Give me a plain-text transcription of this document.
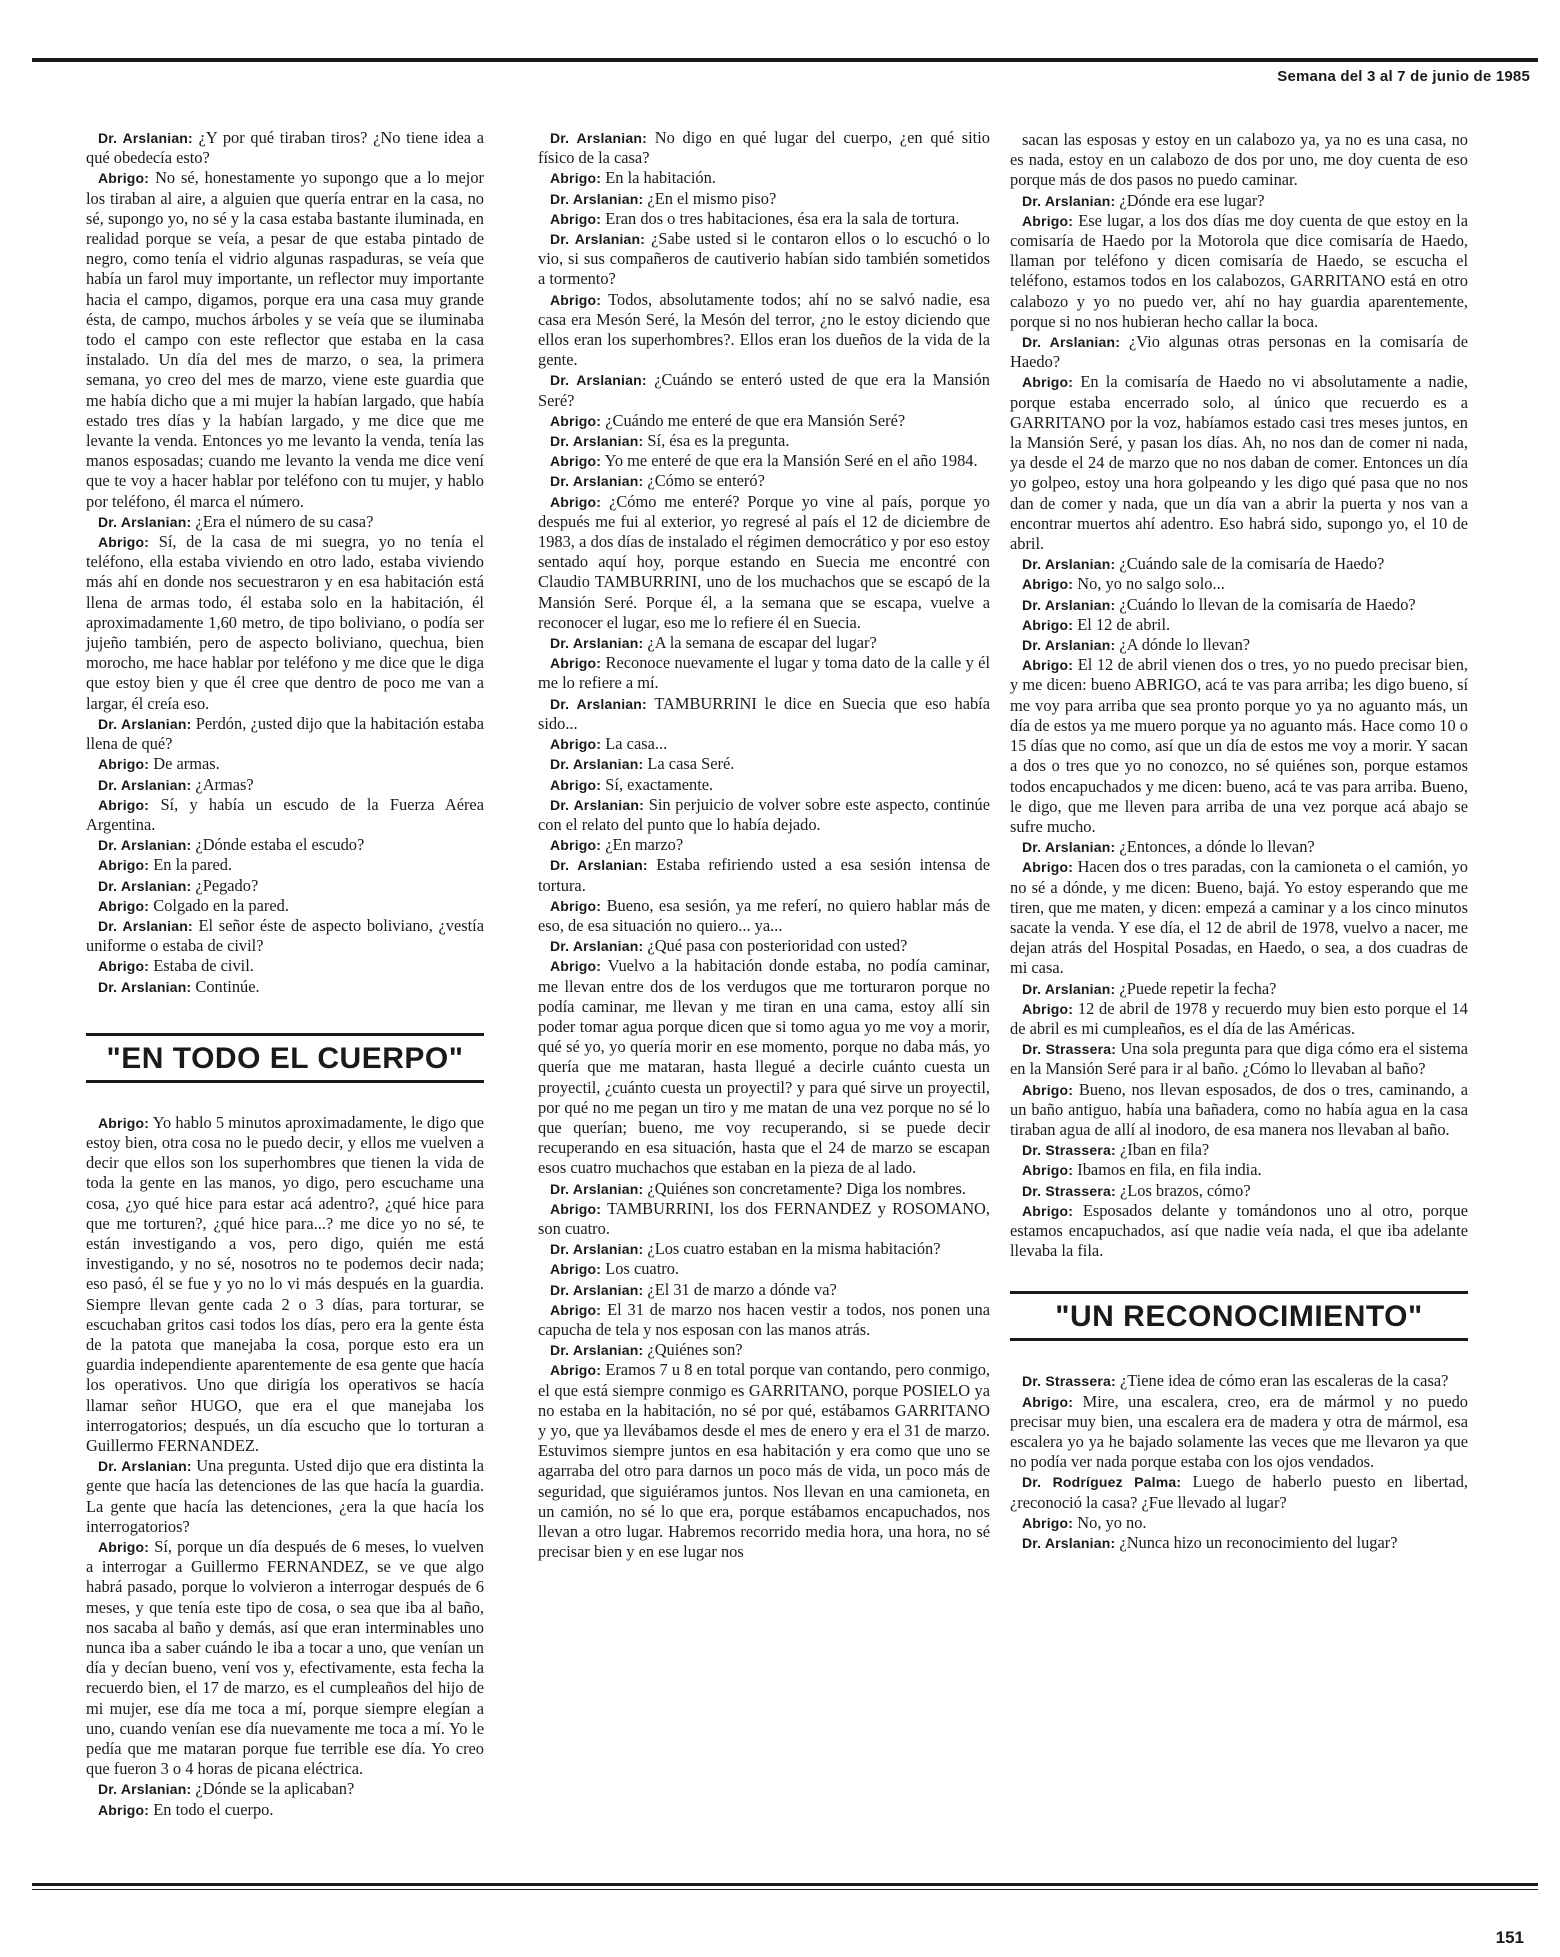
Semana del 3 al 7 de junio de 1985

Dr. Arslanian: ¿Y por qué tiraban tiros? ¿No tiene idea a qué obedecía esto?

Abrigo: No sé, honestamente yo supongo que a lo mejor los tiraban al aire, a alguien que quería entrar en la casa, no sé, supongo yo, no sé y la casa estaba bastante iluminada, en realidad porque se veía, a pesar de que estaba pintado de negro, como tenía el vidrio algunas raspaduras, se veía que había un farol muy importante, un reflector muy importante hacia el campo, digamos, porque era una casa muy grande ésta, de campo, muchos árboles y se veía que se iluminaba todo el campo con este reflector que estaba en la casa instalado. Un día del mes de marzo, o sea, la primera semana, yo creo del mes de marzo, viene este guardia que me había dicho que a mi mujer la habían largado, que había estado tres días y la habían largado, y me dice que me levante la venda. Entonces yo me levanto la venda, tenía las manos esposadas; cuando me levanto la venda me dice vení que te voy a hacer hablar por teléfono con tu mujer, y hablo por teléfono, él marca el número.

Dr. Arslanian: ¿Era el número de su casa?

Abrigo: Sí, de la casa de mi suegra, yo no tenía el teléfono, ella estaba viviendo en otro lado, estaba viviendo más ahí en donde nos secuestraron y en esa habitación está llena de armas todo, él estaba solo en la habitación, él aproximadamente 1,60 metro, de tipo boliviano, o podía ser jujeño también, pero de aspecto boliviano, quechua, bien morocho, me hace hablar por teléfono y me dice que le diga que estoy bien y que él cree que dentro de poco me van a largar, él creía eso.

Dr. Arslanian: Perdón, ¿usted dijo que la habitación estaba llena de qué?

Abrigo: De armas.

Dr. Arslanian: ¿Armas?

Abrigo: Sí, y había un escudo de la Fuerza Aérea Argentina.

Dr. Arslanian: ¿Dónde estaba el escudo?

Abrigo: En la pared.

Dr. Arslanian: ¿Pegado?

Abrigo: Colgado en la pared.

Dr. Arslanian: El señor éste de aspecto boliviano, ¿vestía uniforme o estaba de civil?

Abrigo: Estaba de civil.

Dr. Arslanian: Continúe.

"EN TODO EL CUERPO"

Abrigo: Yo hablo 5 minutos aproximadamente, le digo que estoy bien, otra cosa no le puedo decir, y ellos me vuelven a decir que ellos son los superhombres que tienen la vida de toda la gente en las manos, yo digo, pero escuchame una cosa, ¿yo qué hice para estar acá adentro?, ¿qué hice para que me torturen?, ¿qué hice para...? me dice yo no sé, te están investigando a vos, pero digo, quién me está investigando, y no sé, nosotros no te podemos decir nada; eso pasó, él se fue y yo no lo vi más después en la guardia. Siempre llevan gente cada 2 o 3 días, para torturar, se escuchaban gritos casi todos los días, pero era la gente ésta de la patota que manejaba la cosa, porque esto era un guardia independiente aparentemente de esa gente que hacía los operativos. Uno que dirigía los operativos se hacía llamar señor HUGO, que era el que manejaba los interrogatorios; después, un día escucho que lo torturan a Guillermo FERNANDEZ.

Dr. Arslanian: Una pregunta. Usted dijo que era distinta la gente que hacía las detenciones de las que hacía la guardia. La gente que hacía las detenciones, ¿era la que hacía los interrogatorios?

Abrigo: Sí, porque un día después de 6 meses, lo vuelven a interrogar a Guillermo FERNANDEZ, se ve que algo habrá pasado, porque lo volvieron a interrogar después de 6 meses, y que tenía este tipo de cosa, o sea que iba al baño, nos sacaba al baño y demás, así que eran interminables uno nunca iba a saber cuándo le iba a tocar a uno, que venían un día y decían bueno, vení vos y, efectivamente, esta fecha la recuerdo bien, el 17 de marzo, es el cumpleaños del hijo de mi mujer, ese día me toca a mí, porque siempre elegían a uno, cuando venían ese día nuevamente me toca a mí. Yo le pedía que me mataran porque fue terrible ese día. Yo creo que fueron 3 o 4 horas de picana eléctrica.

Dr. Arslanian: ¿Dónde se la aplicaban?

Abrigo: En todo el cuerpo.

Dr. Arslanian: No digo en qué lugar del cuerpo, ¿en qué sitio físico de la casa?

Abrigo: En la habitación.

Dr. Arslanian: ¿En el mismo piso?

Abrigo: Eran dos o tres habitaciones, ésa era la sala de tortura.

Dr. Arslanian: ¿Sabe usted si le contaron ellos o lo escuchó o lo vio, si sus compañeros de cautiverio habían sido también sometidos a tormento?

Abrigo: Todos, absolutamente todos; ahí no se salvó nadie, esa casa era Mesón Seré, la Mesón del terror, ¿no le estoy diciendo que ellos eran los superhombres?. Ellos eran los dueños de la vida de la gente.

Dr. Arslanian: ¿Cuándo se enteró usted de que era la Mansión Seré?

Abrigo: ¿Cuándo me enteré de que era Mansión Seré?

Dr. Arslanian: Sí, ésa es la pregunta.

Abrigo: Yo me enteré de que era la Mansión Seré en el año 1984.

Dr. Arslanian: ¿Cómo se enteró?

Abrigo: ¿Cómo me enteré? Porque yo vine al país, porque yo después me fui al exterior, yo regresé al país el 12 de diciembre de 1983, a dos días de instalado el régimen democrático y por eso estoy sentado aquí hoy, porque estando en Suecia me encontré con Claudio TAMBURRINI, uno de los muchachos que se escapó de la Mansión Seré. Porque él, a la semana que se escapa, vuelve a reconocer el lugar, eso me lo refiere él en Suecia.

Dr. Arslanian: ¿A la semana de escapar del lugar?

Abrigo: Reconoce nuevamente el lugar y toma dato de la calle y él me lo refiere a mí.

Dr. Arslanian: TAMBURRINI le dice en Suecia que eso había sido...

Abrigo: La casa...

Dr. Arslanian: La casa Seré.

Abrigo: Sí, exactamente.

Dr. Arslanian: Sin perjuicio de volver sobre este aspecto, continúe con el relato del punto que lo había dejado.

Abrigo: ¿En marzo?

Dr. Arslanian: Estaba refiriendo usted a esa sesión intensa de tortura.

Abrigo: Bueno, esa sesión, ya me referí, no quiero hablar más de eso, de esa situación no quiero... ya...

Dr. Arslanian: ¿Qué pasa con posterioridad con usted?

Abrigo: Vuelvo a la habitación donde estaba, no podía caminar, me llevan entre dos de los verdugos que me torturaron porque no podía caminar, me llevan y me tiran en una cama, estoy allí sin poder tomar agua porque dicen que si tomo agua yo me voy a morir, qué sé yo, yo quería morir en ese momento, porque no daba más, yo quería que me mataran, hasta llegué a decirle cuánto cuesta un proyectil, ¿cuánto cuesta un proyectil? y para qué sirve un proyectil, por qué no me pegan un tiro y me matan de una vez porque no sé lo que querían; bueno, me voy recuperando, si se puede decir recuperando en esa situación, hasta que el 24 de marzo se escapan esos cuatro muchachos que estaban en la pieza de al lado.

Dr. Arslanian: ¿Quiénes son concretamente? Diga los nombres.

Abrigo: TAMBURRINI, los dos FERNANDEZ y ROSOMANO, son cuatro.

Dr. Arslanian: ¿Los cuatro estaban en la misma habitación?

Abrigo: Los cuatro.

Dr. Arslanian: ¿El 31 de marzo a dónde va?

Abrigo: El 31 de marzo nos hacen vestir a todos, nos ponen una capucha de tela y nos esposan con las manos atrás.

Dr. Arslanian: ¿Quiénes son?

Abrigo: Eramos 7 u 8 en total porque van contando, pero conmigo, el que está siempre conmigo es GARRITANO, porque POSIELO ya no estaba en la habitación, no sé por qué, estábamos GARRITANO y yo, que ya llevábamos desde el mes de enero y era el 31 de marzo. Estuvimos siempre juntos en esa habitación y era como que uno se agarraba del otro para darnos un poco más de vida, un poco más de seguridad, que siguiéramos juntos. Nos llevan en una camioneta, en un camión, no sé lo que era, porque estábamos encapuchados, nos llevan a otro lugar. Habremos recorrido media hora, una hora, no sé precisar bien y en ese lugar nos

sacan las esposas y estoy en un calabozo ya, ya no es una casa, no es nada, estoy en un calabozo de dos por uno, me doy cuenta de eso porque más de dos pasos no puedo caminar.

Dr. Arslanian: ¿Dónde era ese lugar?

Abrigo: Ese lugar, a los dos días me doy cuenta de que estoy en la comisaría de Haedo por la Motorola que dice comisaría de Haedo, llaman por teléfono y dicen comisaría de Haedo, se escucha el teléfono, estamos todos en los calabozos, GARRITANO está en otro calabozo y yo no puedo ver, ahí no hay guardia aparentemente, porque si no nos hubieran hecho callar la boca.

Dr. Arslanian: ¿Vio algunas otras personas en la comisaría de Haedo?

Abrigo: En la comisaría de Haedo no vi absolutamente a nadie, porque estaba encerrado solo, al único que recuerdo es a GARRITANO por la voz, habíamos estado casi tres meses juntos, en la Mansión Seré, y pasan los días. Ah, no nos dan de comer ni nada, ya desde el 24 de marzo que no nos daban de comer. Entonces un día yo golpeo, estoy una hora golpeando y les digo qué pasa que no nos dan de comer y nada, que un día van a abrir la puerta y nos van a encontrar muertos ahí adentro. Eso habrá sido, supongo yo, el 10 de abril.

Dr. Arslanian: ¿Cuándo sale de la comisaría de Haedo?

Abrigo: No, yo no salgo solo...

Dr. Arslanian: ¿Cuándo lo llevan de la comisaría de Haedo?

Abrigo: El 12 de abril.

Dr. Arslanian: ¿A dónde lo llevan?

Abrigo: El 12 de abril vienen dos o tres, yo no puedo precisar bien, y me dicen: bueno ABRIGO, acá te vas para arriba; les digo bueno, sí me voy para arriba que sea pronto porque yo ya no aguanto más, un día de estos ya me muero porque ya no aguanto más. Hace como 10 o 15 días que no como, así que un día de estos me voy a morir. Y sacan a dos o tres que yo no conozco, no sé quiénes son, porque estamos todos encapuchados y me dicen: bueno, acá te vas para arriba. Bueno, le digo, que me lleven para arriba de una vez porque acá abajo se sufre mucho.

Dr. Arslanian: ¿Entonces, a dónde lo llevan?

Abrigo: Hacen dos o tres paradas, con la camioneta o el camión, yo no sé a dónde, y me dicen: Bueno, bajá. Yo estoy esperando que me tiren, que me maten, y dicen: empezá a caminar y a los cinco minutos sacate la venda. Y ese día, el 12 de abril de 1978, vuelvo a nacer, me dejan atrás del Hospital Posadas, en Haedo, o sea, a dos cuadras de mi casa.

Dr. Arslanian: ¿Puede repetir la fecha?

Abrigo: 12 de abril de 1978 y recuerdo muy bien esto porque el 14 de abril es mi cumpleaños, es el día de las Américas.

Dr. Strassera: Una sola pregunta para que diga cómo era el sistema en la Mansión Seré para ir al baño. ¿Cómo lo llevaban al baño?

Abrigo: Bueno, nos llevan esposados, de dos o tres, caminando, a un baño antiguo, había una bañadera, como no había agua en la casa tiraban agua de allí al inodoro, de esa manera nos llevaban al baño.

Dr. Strassera: ¿Iban en fila?

Abrigo: Ibamos en fila, en fila india.

Dr. Strassera: ¿Los brazos, cómo?

Abrigo: Esposados delante y tomándonos uno al otro, porque estamos encapuchados, así que nadie veía nada, el que iba adelante llevaba la fila.

"UN RECONOCIMIENTO"

Dr. Strassera: ¿Tiene idea de cómo eran las escaleras de la casa?

Abrigo: Mire, una escalera, creo, era de mármol y no puedo precisar muy bien, una escalera era de madera y otra de mármol, esa escalera yo ya he bajado solamente las veces que me llevaron ya que no podía ver nada porque estaba con los ojos vendados.

Dr. Rodríguez Palma: Luego de haberlo puesto en libertad, ¿reconoció la casa? ¿Fue llevado al lugar?

Abrigo: No, yo no.

Dr. Arslanian: ¿Nunca hizo un reconocimiento del lugar?

151
